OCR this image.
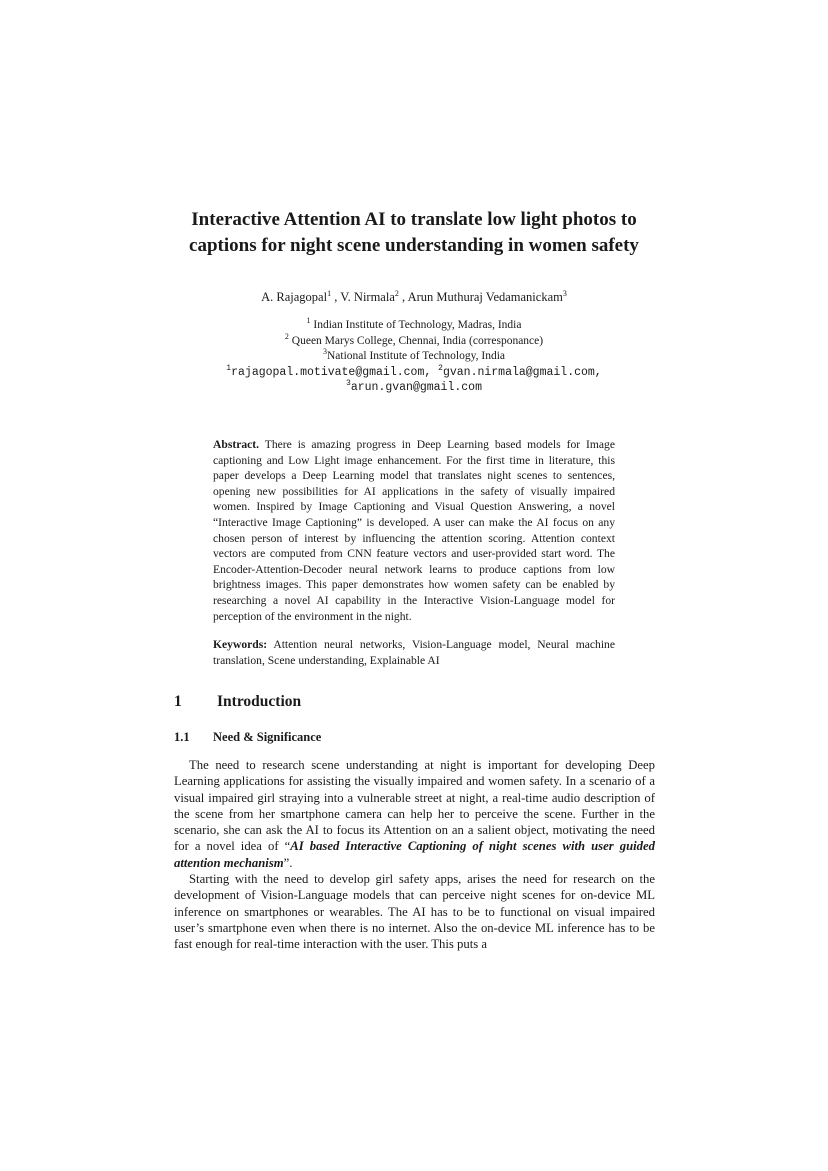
Interactive Attention AI to translate low light photos to
captions for night scene understanding in women safety
A. Rajagopal$^1$ , V. Nirmala$^2$ , Arun Muthuraj Vedamanickam$^3$
$^1$ Indian Institute of Technology, Madras, India
$^2$ Queen Marys College, Chennai, India (corresponance)
$^3$National Institute of Technology, India
$^1$rajagopal.motivate@gmail.com, $^2$gvan.nirmala@gmail.com,
$^3$arun.gvan@gmail.com

Abstract. There is amazing progress in Deep Learning based models for Image captioning and Low Light image enhancement. For the first time in literature, this paper develops a Deep Learning model that translates night scenes to sentences, opening new possibilities for AI applications in the safety of visually impaired women. Inspired by Image Captioning and Visual Question Answering, a novel “Interactive Image Captioning” is developed. A user can make the AI focus on any chosen person of interest by influencing the attention scoring. Attention context vectors are computed from CNN feature vectors and user-provided start word. The Encoder-Attention-Decoder neural network learns to produce captions from low brightness images. This paper demonstrates how women safety can be enabled by researching a novel AI capability in the Interactive Vision-Language model for perception of the environment in the night.

Keywords: Attention neural networks, Vision-Language model, Neural machine translation, Scene understanding, Explainable AI

1 Introduction
1.1 Need & Significance

The need to research scene understanding at night is important for developing Deep Learning applications for assisting the visually impaired and women safety. In a scenario of a visual impaired girl straying into a vulnerable street at night, a real-time audio description of the scene from her smartphone camera can help her to perceive the scene. Further in the scenario, she can ask the AI to focus its Attention on an a salient object, motivating the need for a novel idea of “AI based Interactive Captioning of night scenes with user guided attention mechanism”.

Starting with the need to develop girl safety apps, arises the need for research on the development of Vision-Language models that can perceive night scenes for on-device ML inference on smartphones or wearables. The AI has to be to functional on visual impaired user’s smartphone even when there is no internet. Also the on-device ML inference has to be fast enough for real-time interaction with the user. This puts a
